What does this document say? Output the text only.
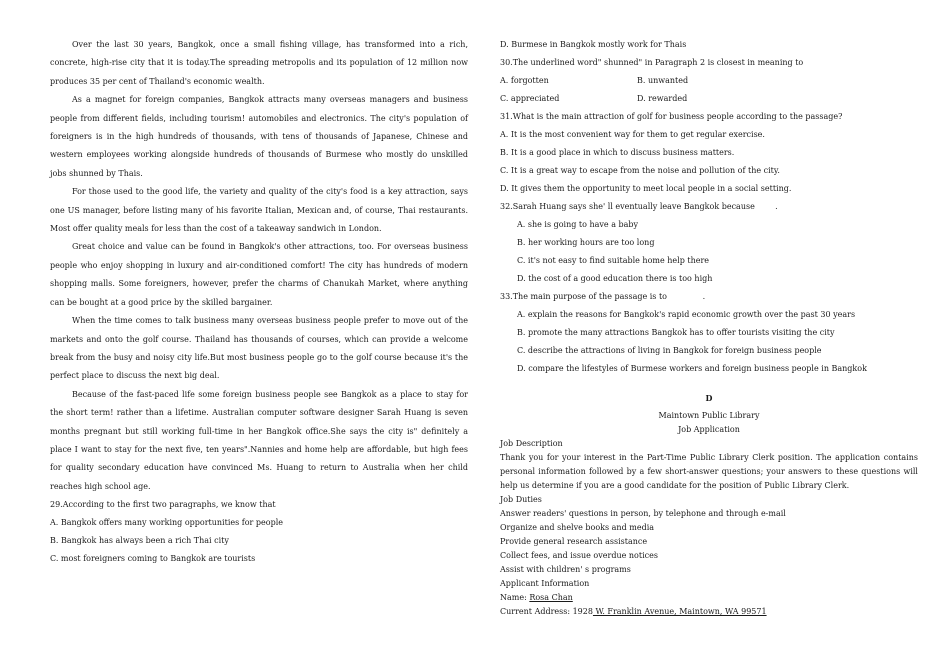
Over the last 30 years, Bangkok, once a small fishing village, has transformed into a rich, concrete, high-rise city that it is today.The spreading metropolis and its population of 12 million now produces 35 per cent of Thailand's economic wealth.

As a magnet for foreign companies, Bangkok attracts many overseas managers and business people from different fields, including tourism! automobiles and electronics. The city's population of foreigners is in the high hundreds of thousands, with tens of thousands of Japanese, Chinese and western employees working alongside hundreds of thousands of Burmese who mostly do unskilled jobs shunned by Thais.

For those used to the good life, the variety and quality of the city's food is a key attraction, says one US manager, before listing many of his favorite Italian, Mexican and, of course, Thai restaurants. Most offer quality meals for less than the cost of a takeaway sandwich in London.

Great choice and value can be found in Bangkok's other attractions, too. For overseas business people who enjoy shopping in luxury and air-conditioned comfort! The city has hundreds of modern shopping malls. Some foreigners, however, prefer the charms of Chanukah Market, where anything can be bought at a good price by the skilled bargainer.

When the time comes to talk business many overseas business people prefer to move out of the markets and onto the golf course. Thailand has thousands of courses, which can provide a welcome break from the busy and noisy city life.But most business people go to the golf course because it's the perfect place to discuss the next big deal.

Because of the fast-paced life some foreign business people see Bangkok as a place to stay for the short term! rather than a lifetime. Australian computer software designer Sarah Huang is seven months pregnant but still working full-time in her Bangkok office.She says the city is" definitely a place I want to stay for the next five, ten years".Nannies and home help are affordable, but high fees for quality secondary education have convinced Ms. Huang to return to Australia when her child reaches high school age.

29.According to the first two paragraphs, we know that

A. Bangkok offers many working opportunities for people

B. Bangkok has always been a rich Thai city

C. most foreigners coming to Bangkok are tourists

D. Burmese in Bangkok mostly work for Thais

30.The underlined word" shunned" in Paragraph 2 is closest in meaning to

A. forgotten	B. unwanted

C. appreciated	D. rewarded

31.What is the main attraction of golf for business people according to the passage?

A. It is the most convenient way for them to get regular exercise.

B. It is a good place in which to discuss business matters.

C. It is a great way to escape from the noise and pollution of the city.

D. It gives them the opportunity to meet local people in a social setting.

32.Sarah Huang says she' ll eventually leave Bangkok because        .

A. she is going to have a baby

B. her working hours are too long

C. it's not easy to find suitable home help there

D. the cost of a good education there is too high

33.The main purpose of the passage is to              .

A. explain the reasons for Bangkok's rapid economic growth over the past 30 years

B. promote the many attractions Bangkok has to offer tourists visiting the city

C. describe the attractions of living in Bangkok for foreign business people

D. compare the lifestyles of Burmese workers and foreign business people in Bangkok

D

Maintown Public Library

Job Application

Job Description

Thank you for your interest in the Part-Time Public Library Clerk position. The application contains personal information followed by a few short-answer questions; your answers to these questions will help us determine if you are a good candidate for the position of Public Library Clerk.

Job Duties

Answer readers' questions in person, by telephone and through e-mail

Organize and shelve books and media

Provide general research assistance

Collect fees, and issue overdue notices

Assist with children' s programs

Applicant Information

Name: Rosa Chan

Current Address: 1928 W. Franklin Avenue, Maintown, WA 99571
